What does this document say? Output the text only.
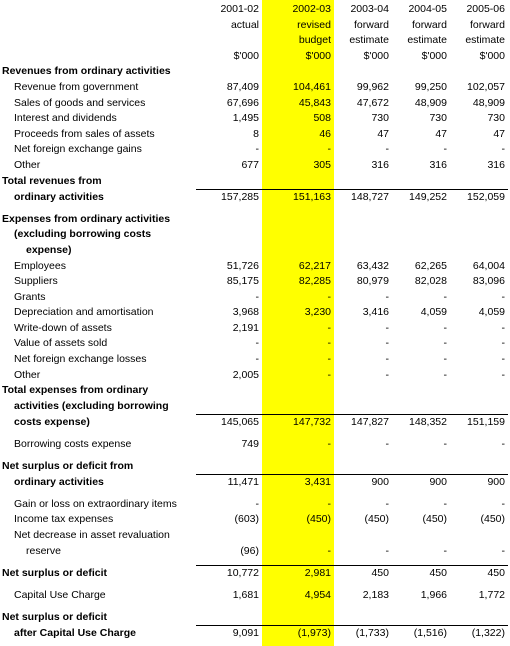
	2001-02	2002-03	2003-04	2004-05	2005-06
	actual	revised	forward	forward	forward
		budget	estimate	estimate	estimate
	$'000	$'000	$'000	$'000	$'000
Revenues from ordinary activities					
Revenue from government	87,409	104,461	99,962	99,250	102,057
Sales of goods and services	67,696	45,843	47,672	48,909	48,909
Interest and dividends	1,495	508	730	730	730
Proceeds from sales of assets	8	46	47	47	47
Net foreign exchange gains	-	-	-	-	-
Other	677	305	316	316	316
Total revenues from					
ordinary activities	157,285	151,163	148,727	149,252	152,059

Expenses from ordinary activities					
(excluding borrowing costs					
expense)					
Employees	51,726	62,217	63,432	62,265	64,004
Suppliers	85,175	82,285	80,979	82,028	83,096
Grants	-	-	-	-	-
Depreciation and amortisation	3,968	3,230	3,416	4,059	4,059
Write-down of assets	2,191	-	-	-	-
Value of assets sold	-	-	-	-	-
Net foreign exchange losses	-	-	-	-	-
Other	2,005	-	-	-	-
Total expenses from ordinary					
activities (excluding borrowing					
costs expense)	145,065	147,732	147,827	148,352	151,159

Borrowing costs expense	749	-	-	-	-

Net surplus or deficit from					
ordinary activities	11,471	3,431	900	900	900

Gain or loss on extraordinary items	-	-	-	-	-
Income tax expenses	(603)	(450)	(450)	(450)	(450)
Net decrease in asset revaluation					
reserve	(96)	-	-	-	-

Net surplus or deficit	10,772	2,981	450	450	450

Capital Use Charge	1,681	4,954	2,183	1,966	1,772

Net surplus or deficit					
after Capital Use Charge	9,091	(1,973)	(1,733)	(1,516)	(1,322)
